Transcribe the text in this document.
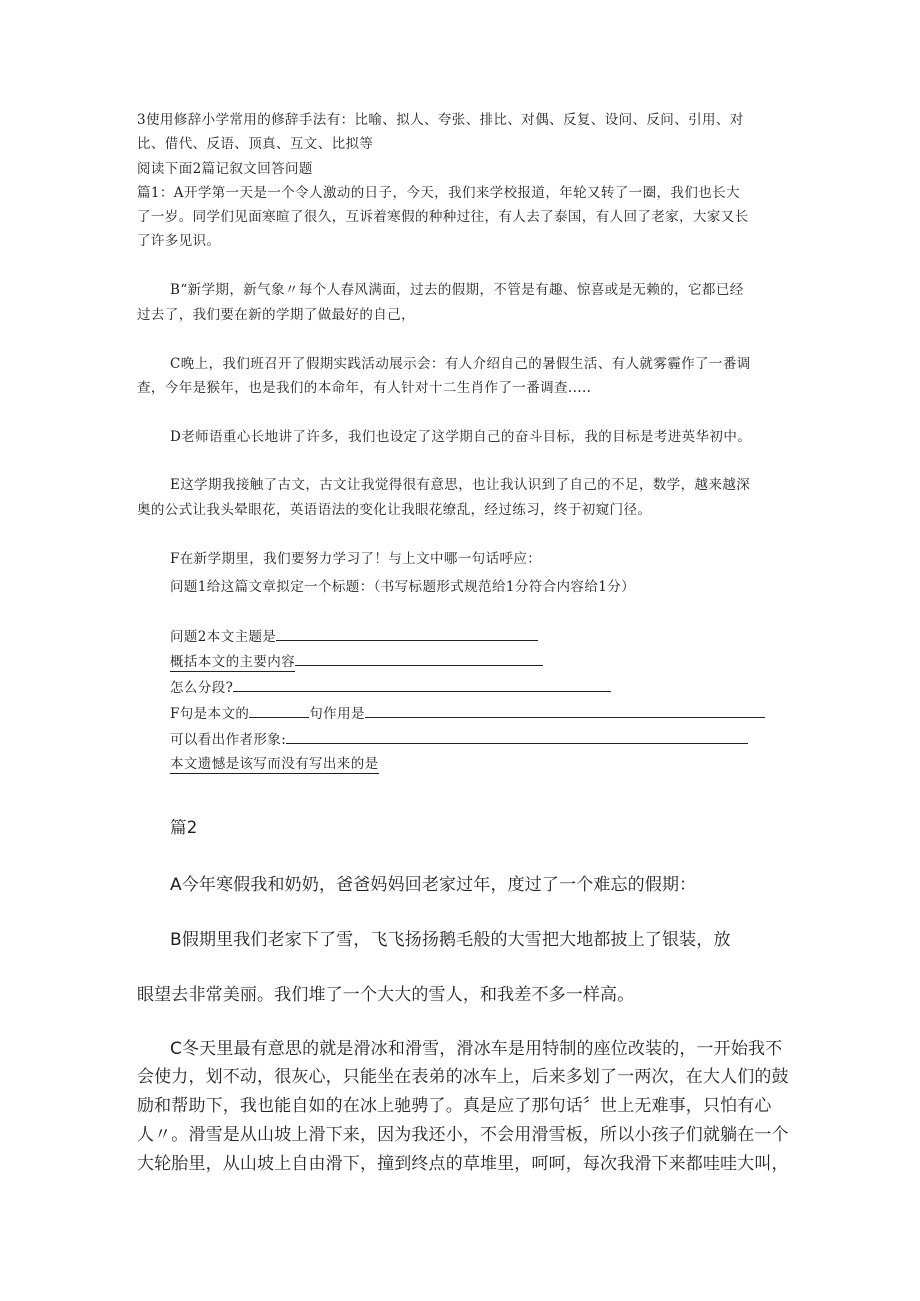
3使用修辞小学常用的修辞手法有：比喻、拟人、夸张、排比、对偶、反复、设问、反问、引用、对
比、借代、反语、顶真、互文、比拟等
阅读下面2篇记叙文回答问题
篇1：A开学第一天是一个令人激动的日子，今天，我们来学校报道，年轮又转了一圈，我们也长大
了一岁。同学们见面寒暄了很久，互诉着寒假的种种过往，有人去了泰国，有人回了老家，大家又长
了许多见识。
B“新学期，新气象〃每个人春风满面，过去的假期，不管是有趣、惊喜或是无赖的，它都已经
过去了，我们要在新的学期了做最好的自己，
C晚上，我们班召开了假期实践活动展示会：有人介绍自己的暑假生活、有人就雾霾作了一番调
查，今年是猴年，也是我们的本命年，有人针对十二生肖作了一番调查.....
D老师语重心长地讲了许多，我们也设定了这学期自己的奋斗目标，我的目标是考进英华初中。
E这学期我接触了古文，古文让我觉得很有意思，也让我认识到了自己的不足，数学，越来越深
奥的公式让我头晕眼花，英语语法的变化让我眼花缭乱，经过练习，终于初窥门径。
F在新学期里，我们要努力学习了！与上文中哪一句话呼应：
问题1给这篇文章拟定一个标题：（书写标题形式规范给1分符合内容给1分）
问题2本文主题是
概括本文的主要内容
怎么分段?
F句是本文的	句作用是
可以看出作者形象:
本文遗憾是该写而没有写出来的是
篇2
A今年寒假我和奶奶，爸爸妈妈回老家过年，度过了一个难忘的假期：
B假期里我们老家下了雪，飞飞扬扬鹅毛般的大雪把大地都披上了银装，放
眼望去非常美丽。我们堆了一个大大的雪人，和我差不多一样高。
C冬天里最有意思的就是滑冰和滑雪，滑冰车是用特制的座位改装的，一开始我不
会使力，划不动，很灰心，只能坐在表弟的冰车上，后来多划了一两次，在大人们的鼓
励和帮助下，我也能自如的在冰上驰骋了。真是应了那句话〞世上无难事，只怕有心
人〃。滑雪是从山坡上滑下来，因为我还小，不会用滑雪板，所以小孩子们就躺在一个
大轮胎里，从山坡上自由滑下，撞到终点的草堆里，呵呵，每次我滑下来都哇哇大叫，
